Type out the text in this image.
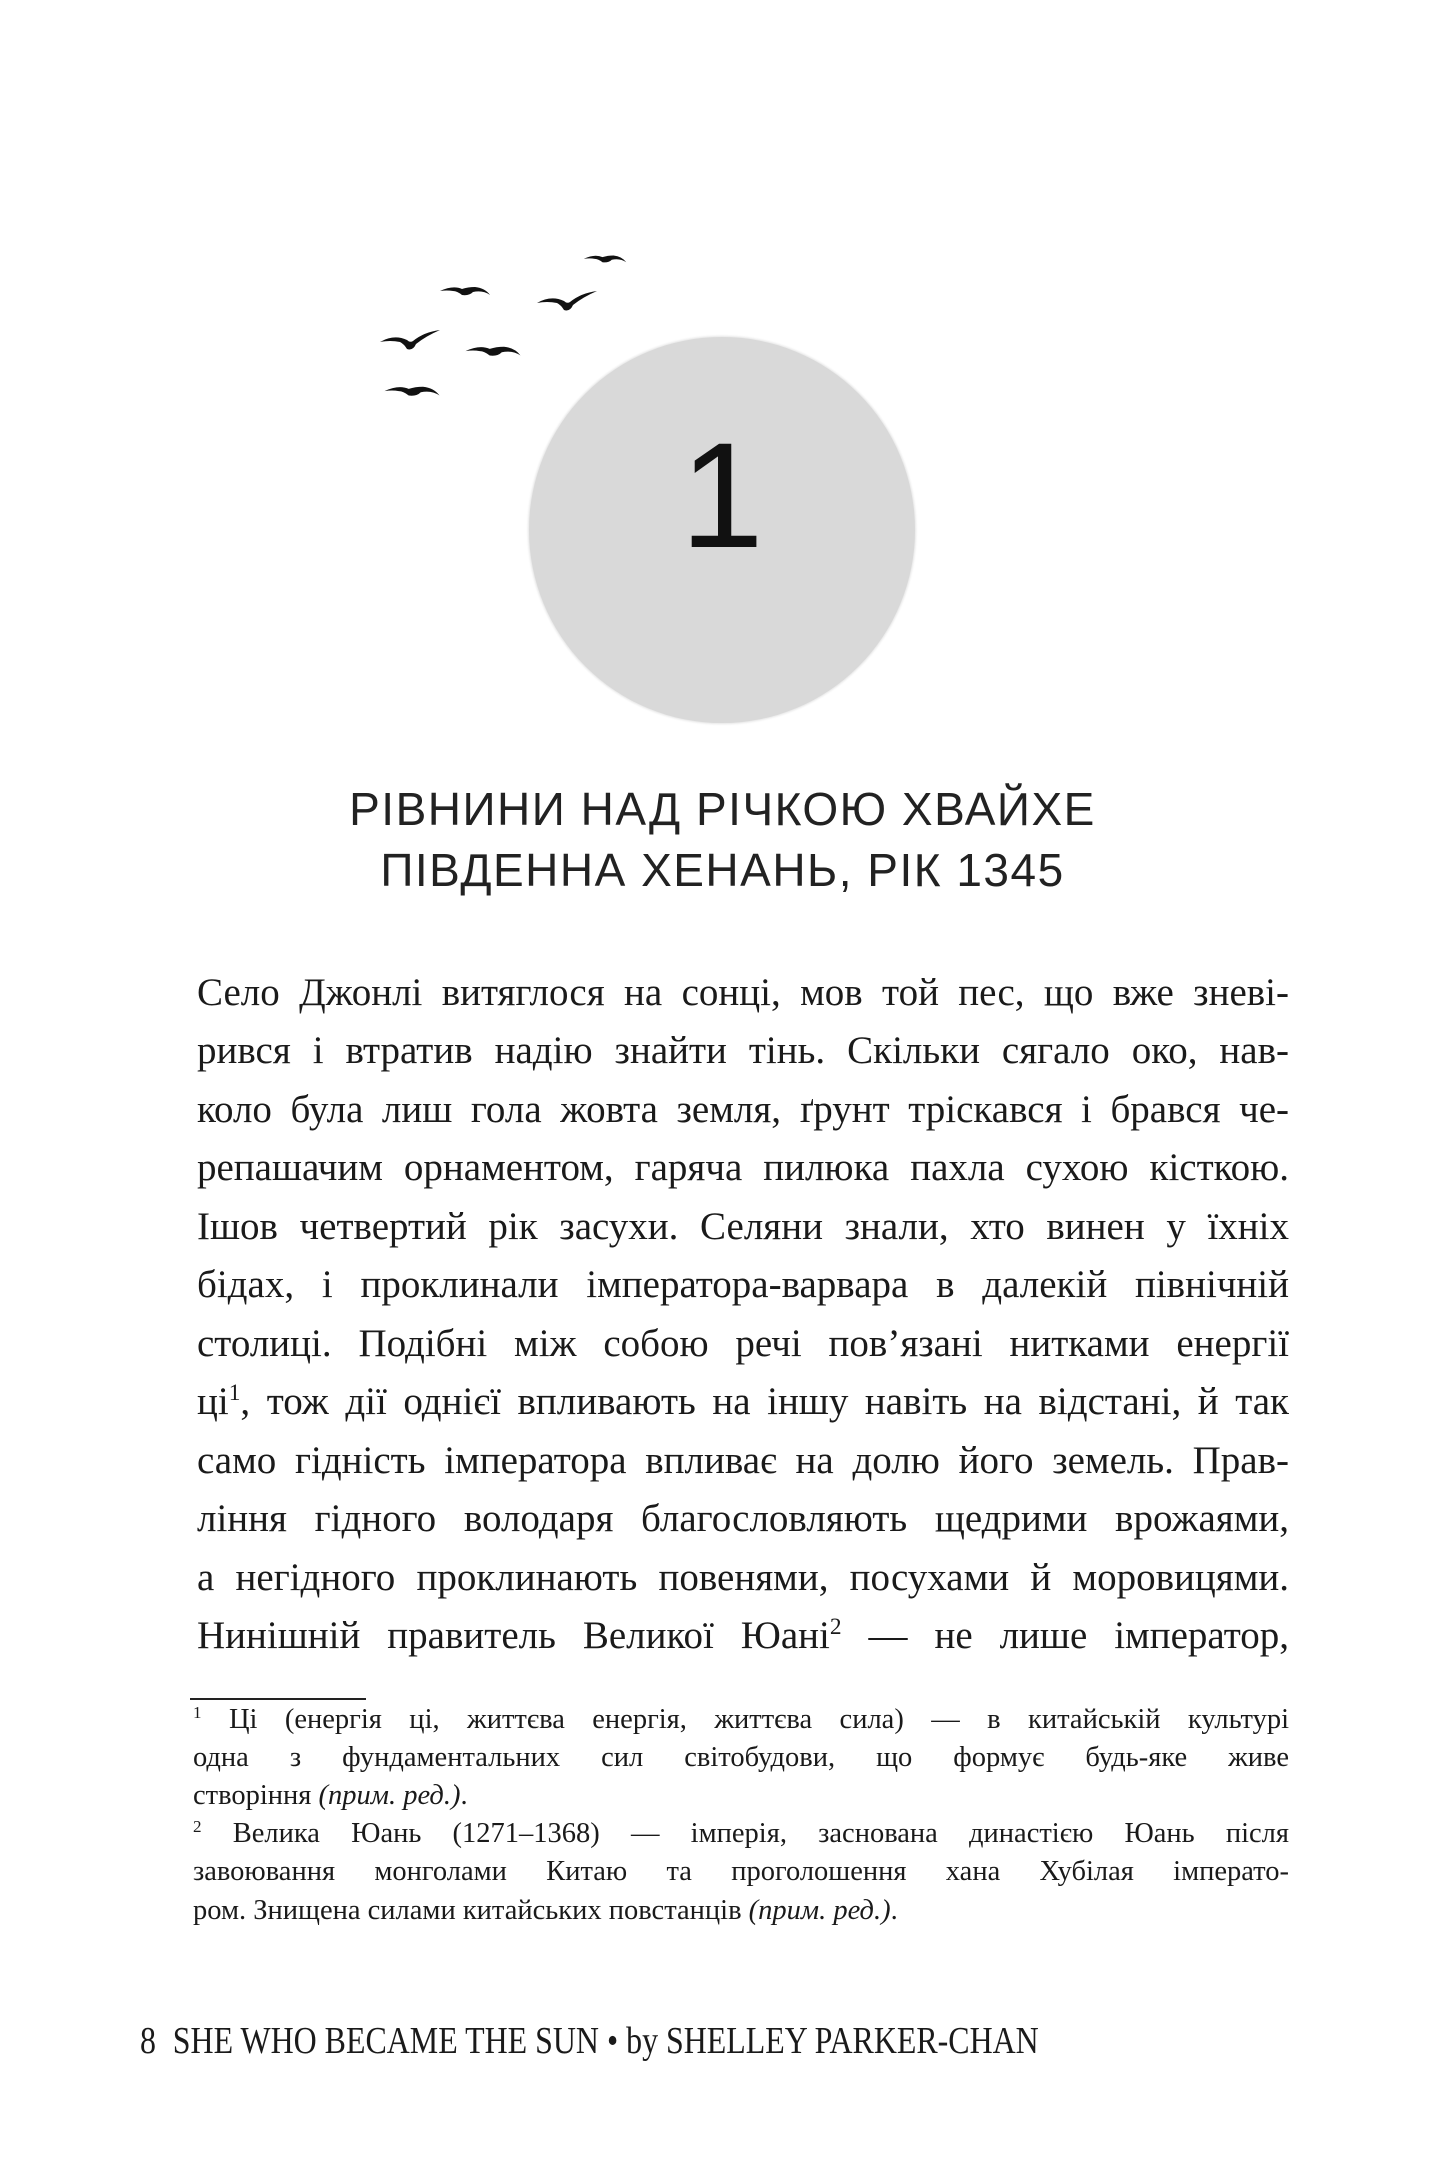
1
РІВНИНИ НАД РІЧКОЮ ХВАЙХЕ
ПІВДЕННА ХЕНАНЬ, РІК 1345
Село Джонлі витяглося на сонці, мов той пес, що вже зневі-
рився і втратив надію знайти тінь. Скільки сягало око, нав-
коло була лиш гола жовта земля, ґрунт тріскався і брався че-
репашачим орнаментом, гаряча пилюка пахла сухою кісткою.
Ішов четвертий рік засухи. Селяни знали, хто винен у їхніх
бідах, і проклинали імператора-варвара в далекій північній
столиці. Подібні між собою речі пов’язані нитками енергії
$ці^1$, тож дії однієї впливають на іншу навіть на відстані, й так
само гідність імператора впливає на долю його земель. Прав-
ління гідного володаря благословляють щедрими врожаями,
а негідного проклинають повенями, посухами й моровицями.
Нинішній правитель Великої Юані$^2$ — не лише імператор,
$^1$ Ці (енергія ці, життєва енергія, життєва сила) — в китайській культурі
одна з фундаментальних сил світобудови, що формує будь-яке живе
створіння (прим. ред.).
$^2$ Велика Юань (1271–1368) — імперія, заснована династією Юань після
завоювання монголами Китаю та проголошення хана Хубілая імперато-
ром. Знищена силами китайських повстанців (прим. ред.).
8 SHE WHO BECAME THE SUN • by SHELLEY PARKER-CHAN
